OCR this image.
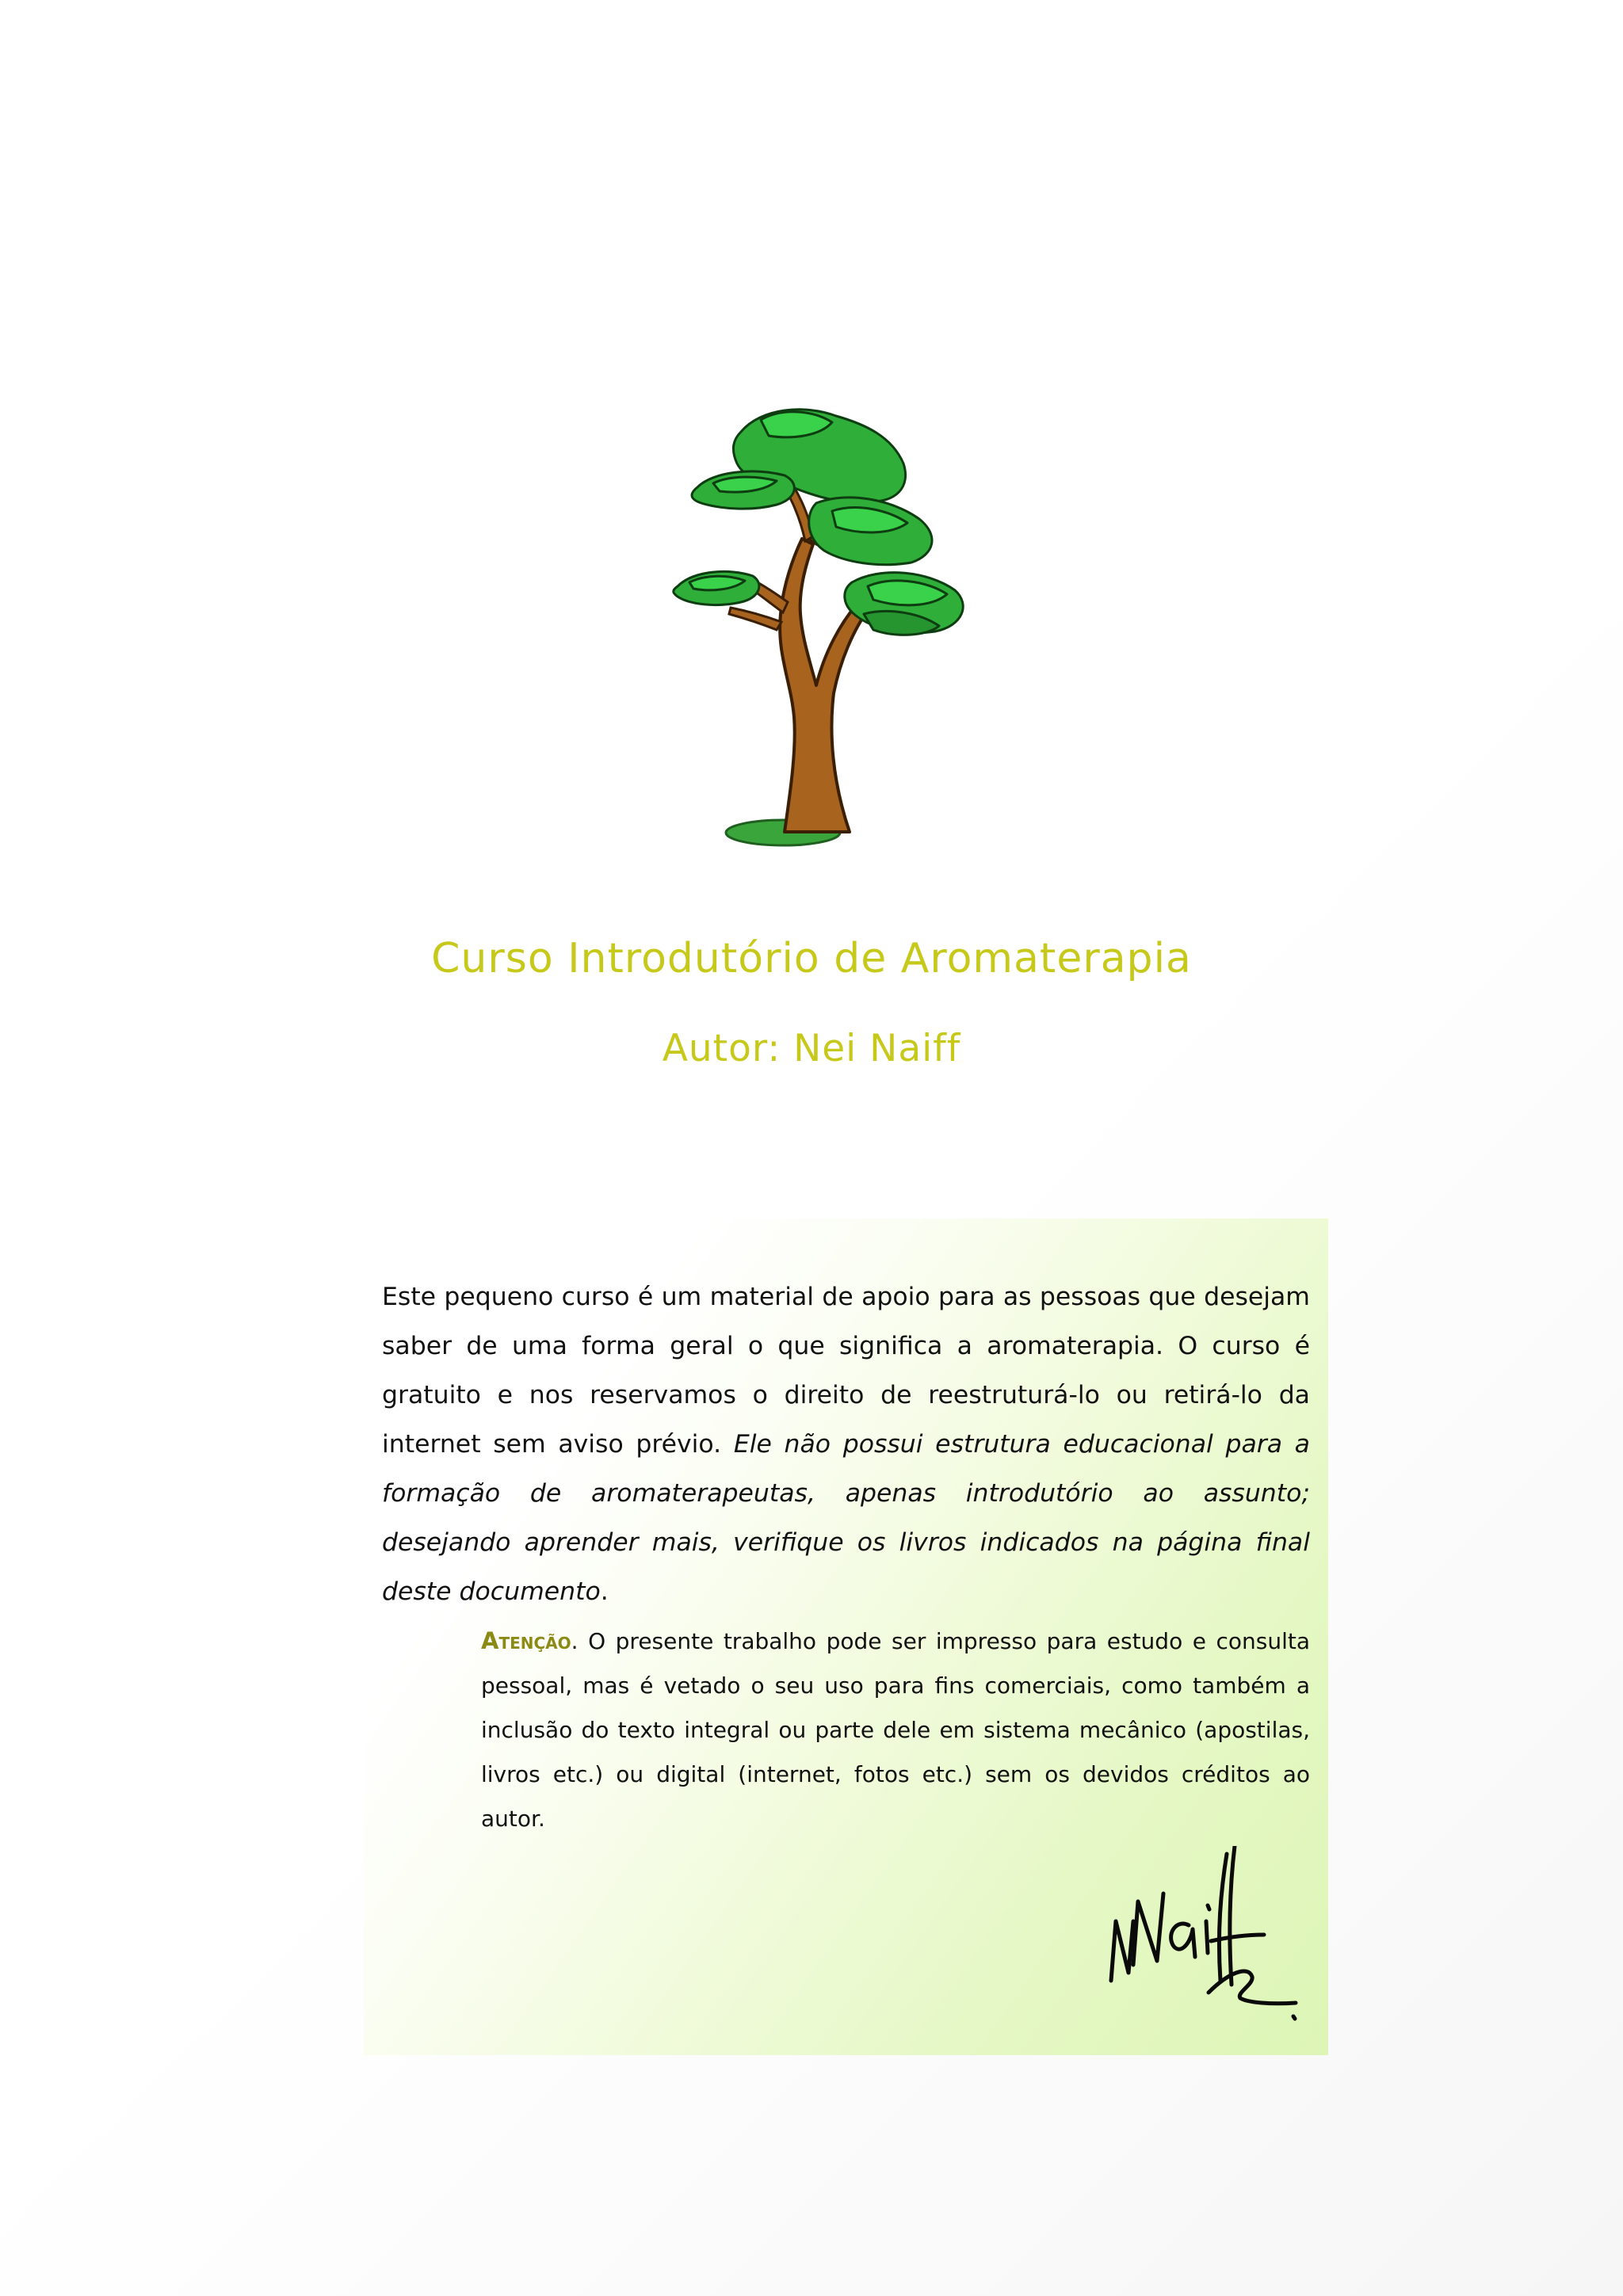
Curso Introdutório de Aromaterapia
Autor: Nei Naiff

Este pequeno curso é um material de apoio para as pessoas que desejam saber de uma forma geral o que significa a aromaterapia. O curso é gratuito e nos reservamos o direito de reestruturá-lo ou retirá-lo da internet sem aviso prévio. Ele não possui estrutura educacional para a formação de aromaterapeutas, apenas introdutório ao assunto; desejando aprender mais, verifique os livros indicados na página final deste documento.

Atenção. O presente trabalho pode ser impresso para estudo e consulta pessoal, mas é vetado o seu uso para fins comerciais, como também a inclusão do texto integral ou parte dele em sistema mecânico (apostilas, livros etc.) ou digital (internet, fotos etc.) sem os devidos créditos ao autor.
